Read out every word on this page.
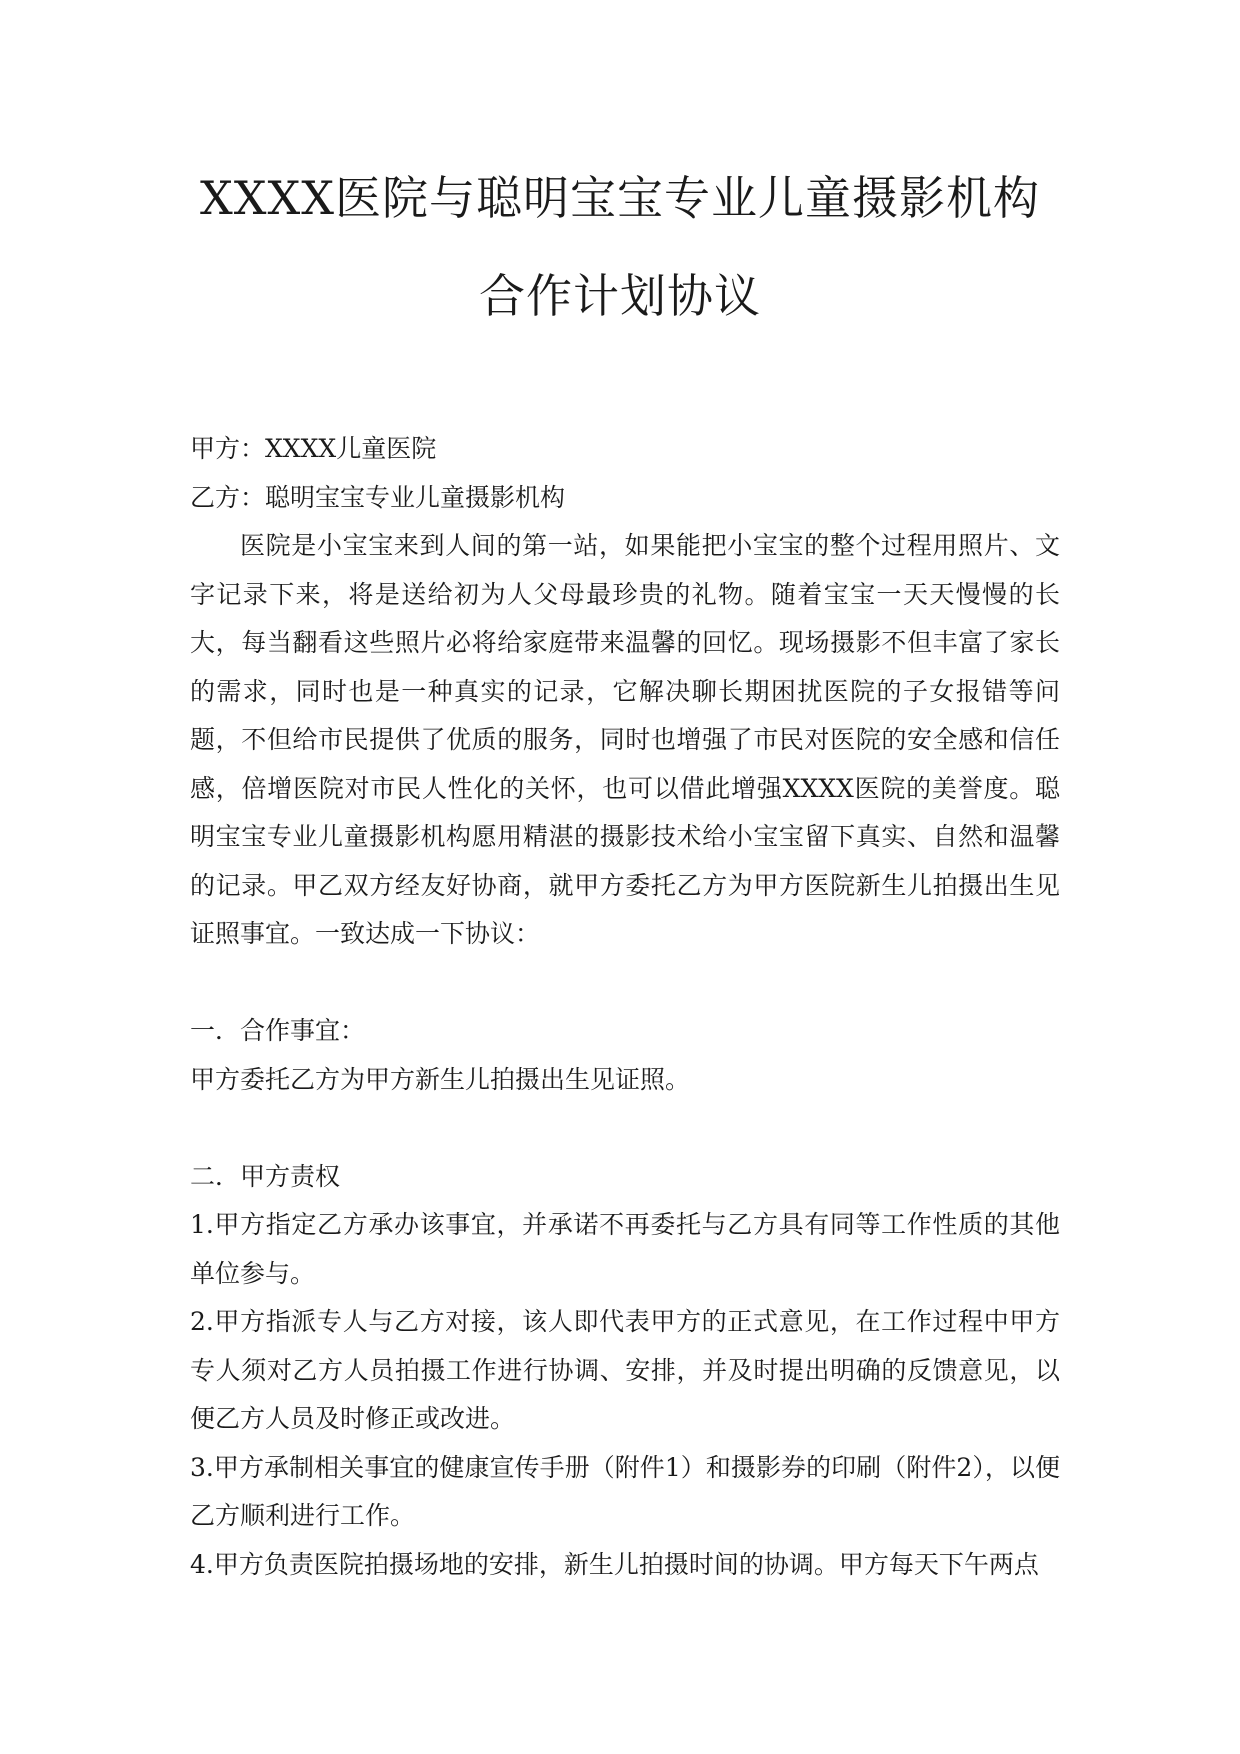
XXXX医院与聪明宝宝专业儿童摄影机构
合作计划协议
甲方：XXXX儿童医院
乙方：聪明宝宝专业儿童摄影机构
医院是小宝宝来到人间的第一站，如果能把小宝宝的整个过程用照片、文字记录下来，将是送给初为人父母最珍贵的礼物。随着宝宝一天天慢慢的长大，每当翻看这些照片必将给家庭带来温馨的回忆。现场摄影不但丰富了家长的需求，同时也是一种真实的记录，它解决聊长期困扰医院的子女报错等问题，不但给市民提供了优质的服务，同时也增强了市民对医院的安全感和信任感，倍增医院对市民人性化的关怀，也可以借此增强XXXX医院的美誉度。聪明宝宝专业儿童摄影机构愿用精湛的摄影技术给小宝宝留下真实、自然和温馨的记录。甲乙双方经友好协商，就甲方委托乙方为甲方医院新生儿拍摄出生见证照事宜。一致达成一下协议：
一．合作事宜：
甲方委托乙方为甲方新生儿拍摄出生见证照。
二．甲方责权
1.甲方指定乙方承办该事宜，并承诺不再委托与乙方具有同等工作性质的其他单位参与。
2.甲方指派专人与乙方对接，该人即代表甲方的正式意见，在工作过程中甲方专人须对乙方人员拍摄工作进行协调、安排，并及时提出明确的反馈意见，以便乙方人员及时修正或改进。
3.甲方承制相关事宜的健康宣传手册（附件1）和摄影券的印刷（附件2），以便乙方顺利进行工作。
4.甲方负责医院拍摄场地的安排，新生儿拍摄时间的协调。甲方每天下午两点
